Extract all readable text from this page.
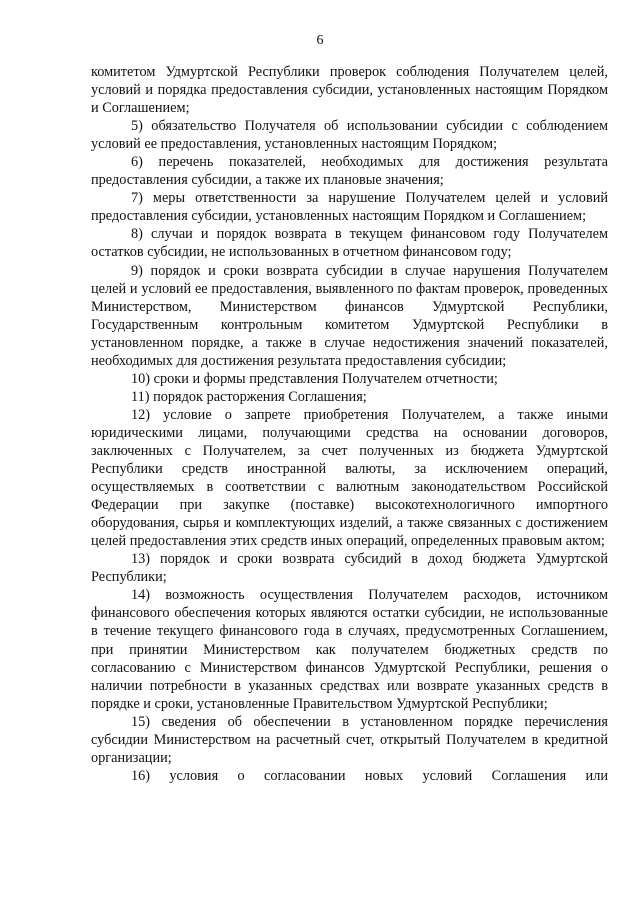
6

комитетом Удмуртской Республики проверок соблюдения Получателем целей, условий и порядка предоставления субсидии, установленных настоящим Порядком и Соглашением;

5) обязательство Получателя об использовании субсидии с соблюдением условий ее предоставления, установленных настоящим Порядком;

6) перечень показателей, необходимых для достижения результата предоставления субсидии, а также их плановые значения;

7) меры ответственности за нарушение Получателем целей и условий предоставления субсидии, установленных настоящим Порядком и Соглашением;

8) случаи и порядок возврата в текущем финансовом году Получателем остатков субсидии, не использованных в отчетном финансовом году;

9) порядок и сроки возврата субсидии в случае нарушения Получателем целей и условий ее предоставления, выявленного по фактам проверок, проведенных Министерством, Министерством финансов Удмуртской Республики, Государственным контрольным комитетом Удмуртской Республики в установленном порядке, а также в случае недостижения значений показателей, необходимых для достижения результата предоставления субсидии;

10) сроки и формы представления Получателем отчетности;

11) порядок расторжения Соглашения;

12) условие о запрете приобретения Получателем, а также иными юридическими лицами, получающими средства на основании договоров, заключенных с Получателем, за счет полученных из бюджета Удмуртской Республики средств иностранной валюты, за исключением операций, осуществляемых в соответствии с валютным законодательством Российской Федерации при закупке (поставке) высокотехнологичного импортного оборудования, сырья и комплектующих изделий, а также связанных с достижением целей предоставления этих средств иных операций, определенных правовым актом;

13) порядок и сроки возврата субсидий в доход бюджета Удмуртской Республики;

14) возможность осуществления Получателем расходов, источником финансового обеспечения которых являются остатки субсидии, не использованные в течение текущего финансового года в случаях, предусмотренных Соглашением, при принятии Министерством как получателем бюджетных средств по согласованию с Министерством финансов Удмуртской Республики, решения о наличии потребности в указанных средствах или возврате указанных средств в порядке и сроки, установленные Правительством Удмуртской Республики;

15) сведения об обеспечении в установленном порядке перечисления субсидии Министерством на расчетный счет, открытый Получателем в кредитной организации;

16) условия о согласовании новых условий Соглашения или
